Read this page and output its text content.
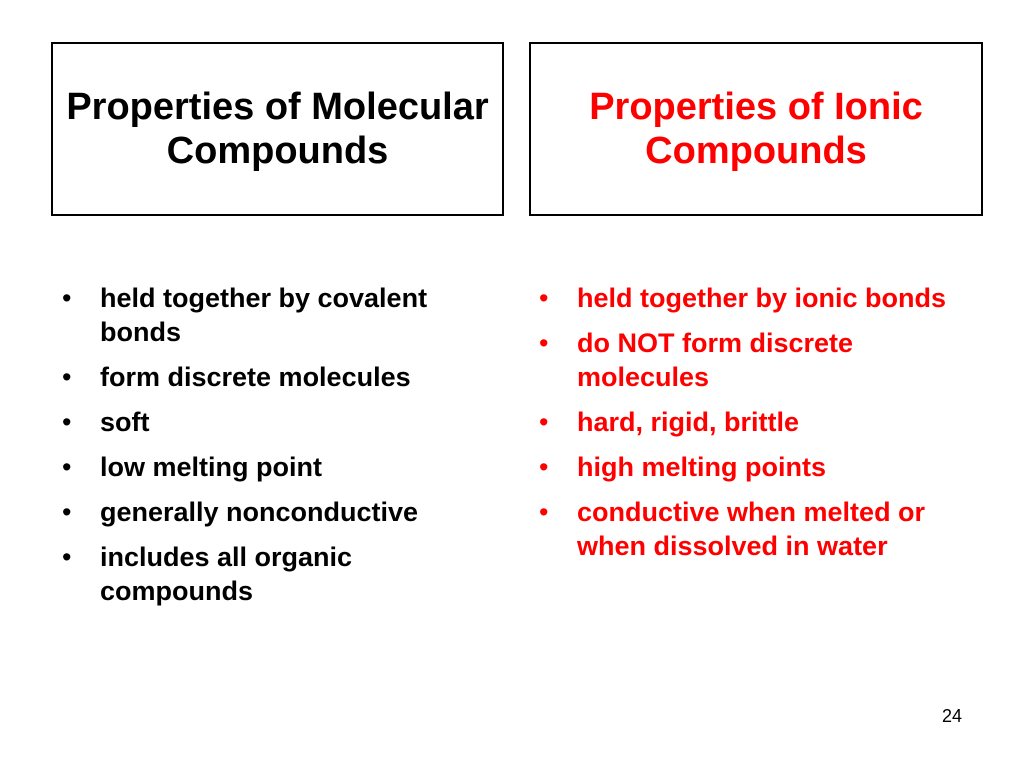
Properties of Molecular Compounds
Properties of Ionic Compounds
• held together by covalent bonds
• form discrete molecules
• soft
• low melting point
• generally nonconductive
• includes all organic compounds
• held together by ionic bonds
• do NOT form discrete molecules
• hard, rigid, brittle
• high melting points
• conductive when melted or when dissolved in water
24
